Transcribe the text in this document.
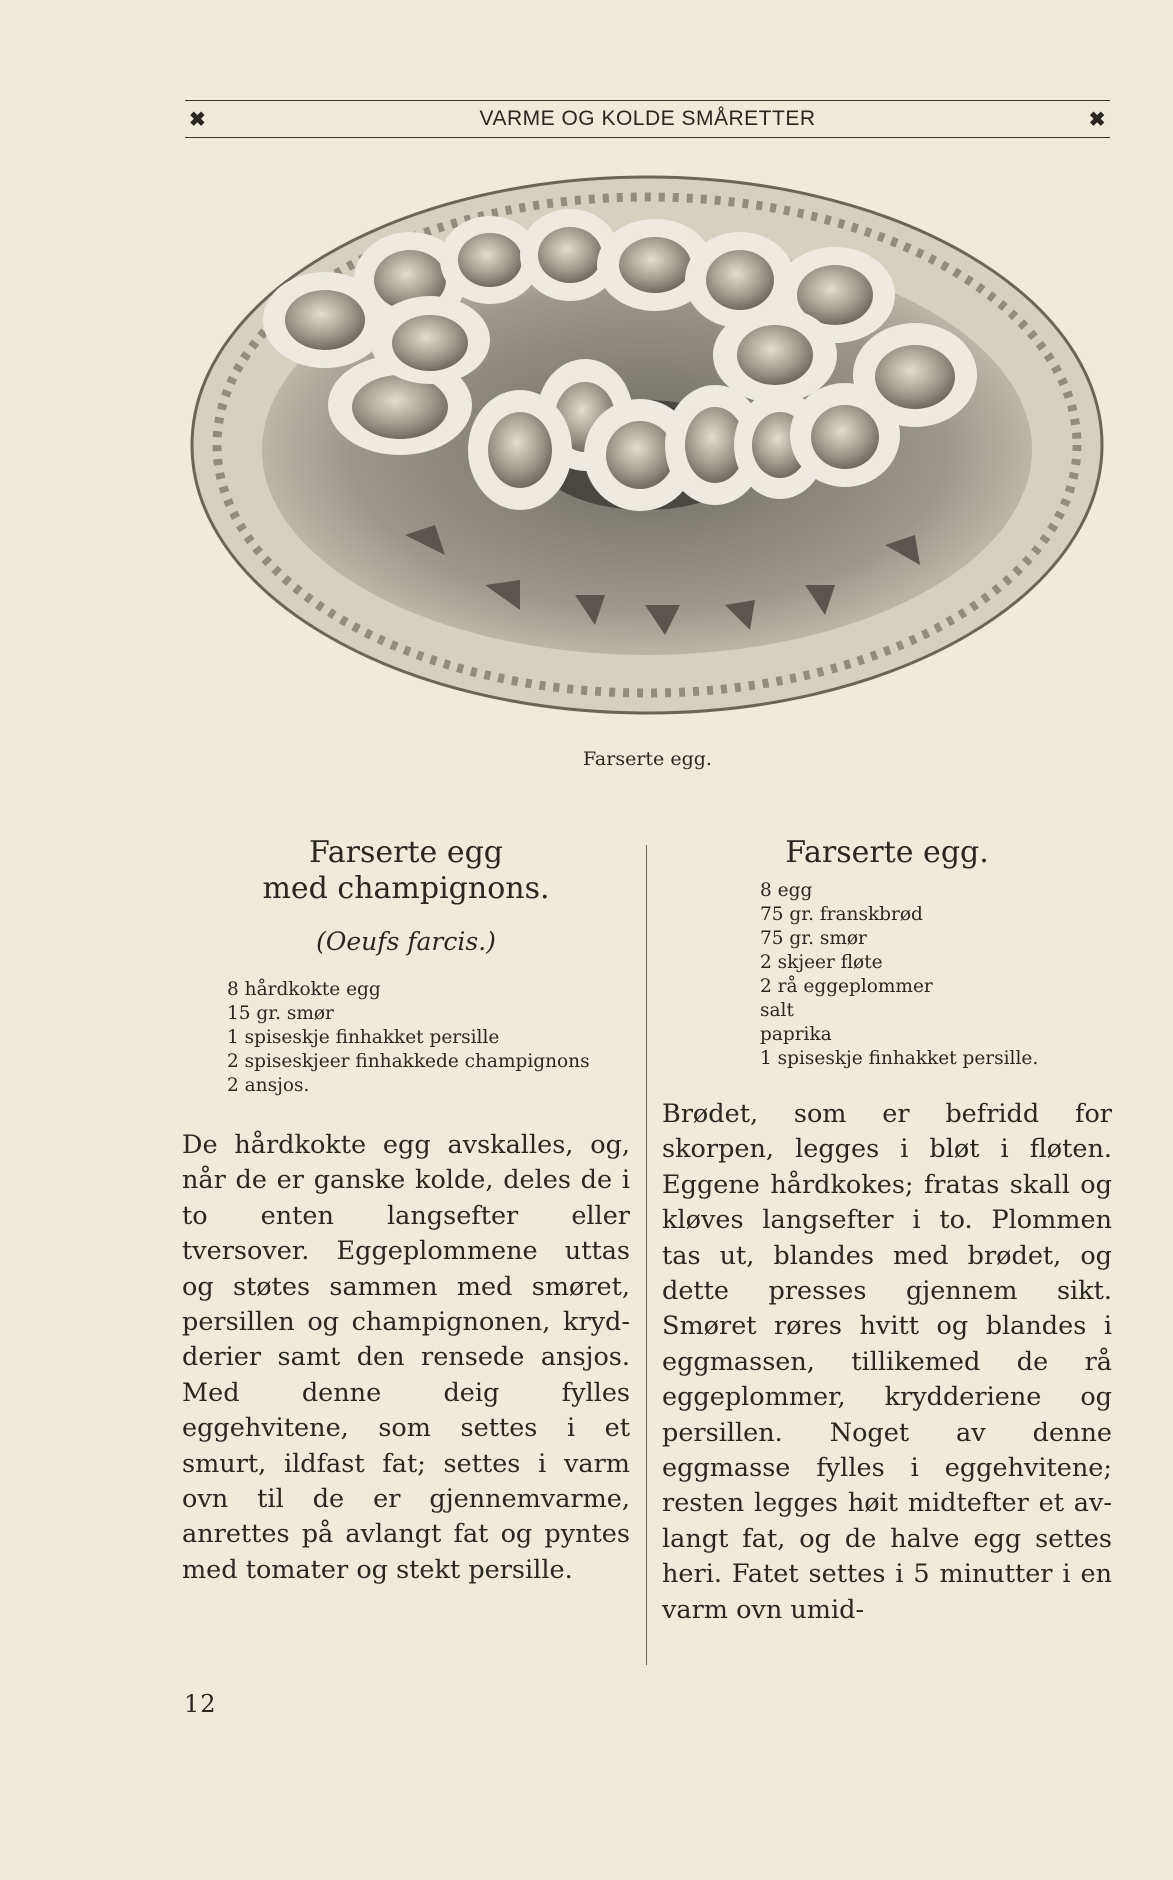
✖	VARME OG KOLDE SMÅRETTER	✖
Farserte egg.
Farserte egg
med champignons.
(Oeufs farcis.)
8 hårdkokte egg
15 gr. smør
1 spiseskje finhakket persille
2 spiseskjeer finhakkede champignons
2 ansjos.

De hårdkokte egg avskalles, og, når de er ganske kolde, deles de i to enten langsefter eller tversover. Eggeplommene uttas og støtes sammen med smøret, persillen og champignonen, krydderier samt den rensede ansjos. Med denne deig fylles eggehvitene, som settes i et smurt, ildfast fat; settes i varm ovn til de er gjennemvarme, anrettes på avlangt fat og pyntes med tomater og stekt persille.

Farserte egg.
8 egg
75 gr. franskbrød
75 gr. smør
2 skjeer fløte
2 rå eggeplommer
salt
paprika
1 spiseskje finhakket persille.

Brødet, som er befridd for skorpen, legges i bløt i fløten. Eggene hårdkokes; fratas skall og kløves langsefter i to. Plommen tas ut, blandes med brødet, og dette presses gjennem sikt. Smøret røres hvitt og blandes i eggmassen, tillikemed de rå eggeplommer, krydderiene og persillen. Noget av denne eggmasse fylles i eggehvitene; resten legges høit midtefter et avlangt fat, og de halve egg settes heri. Fatet settes i 5 minutter i en varm ovn umid-

12
